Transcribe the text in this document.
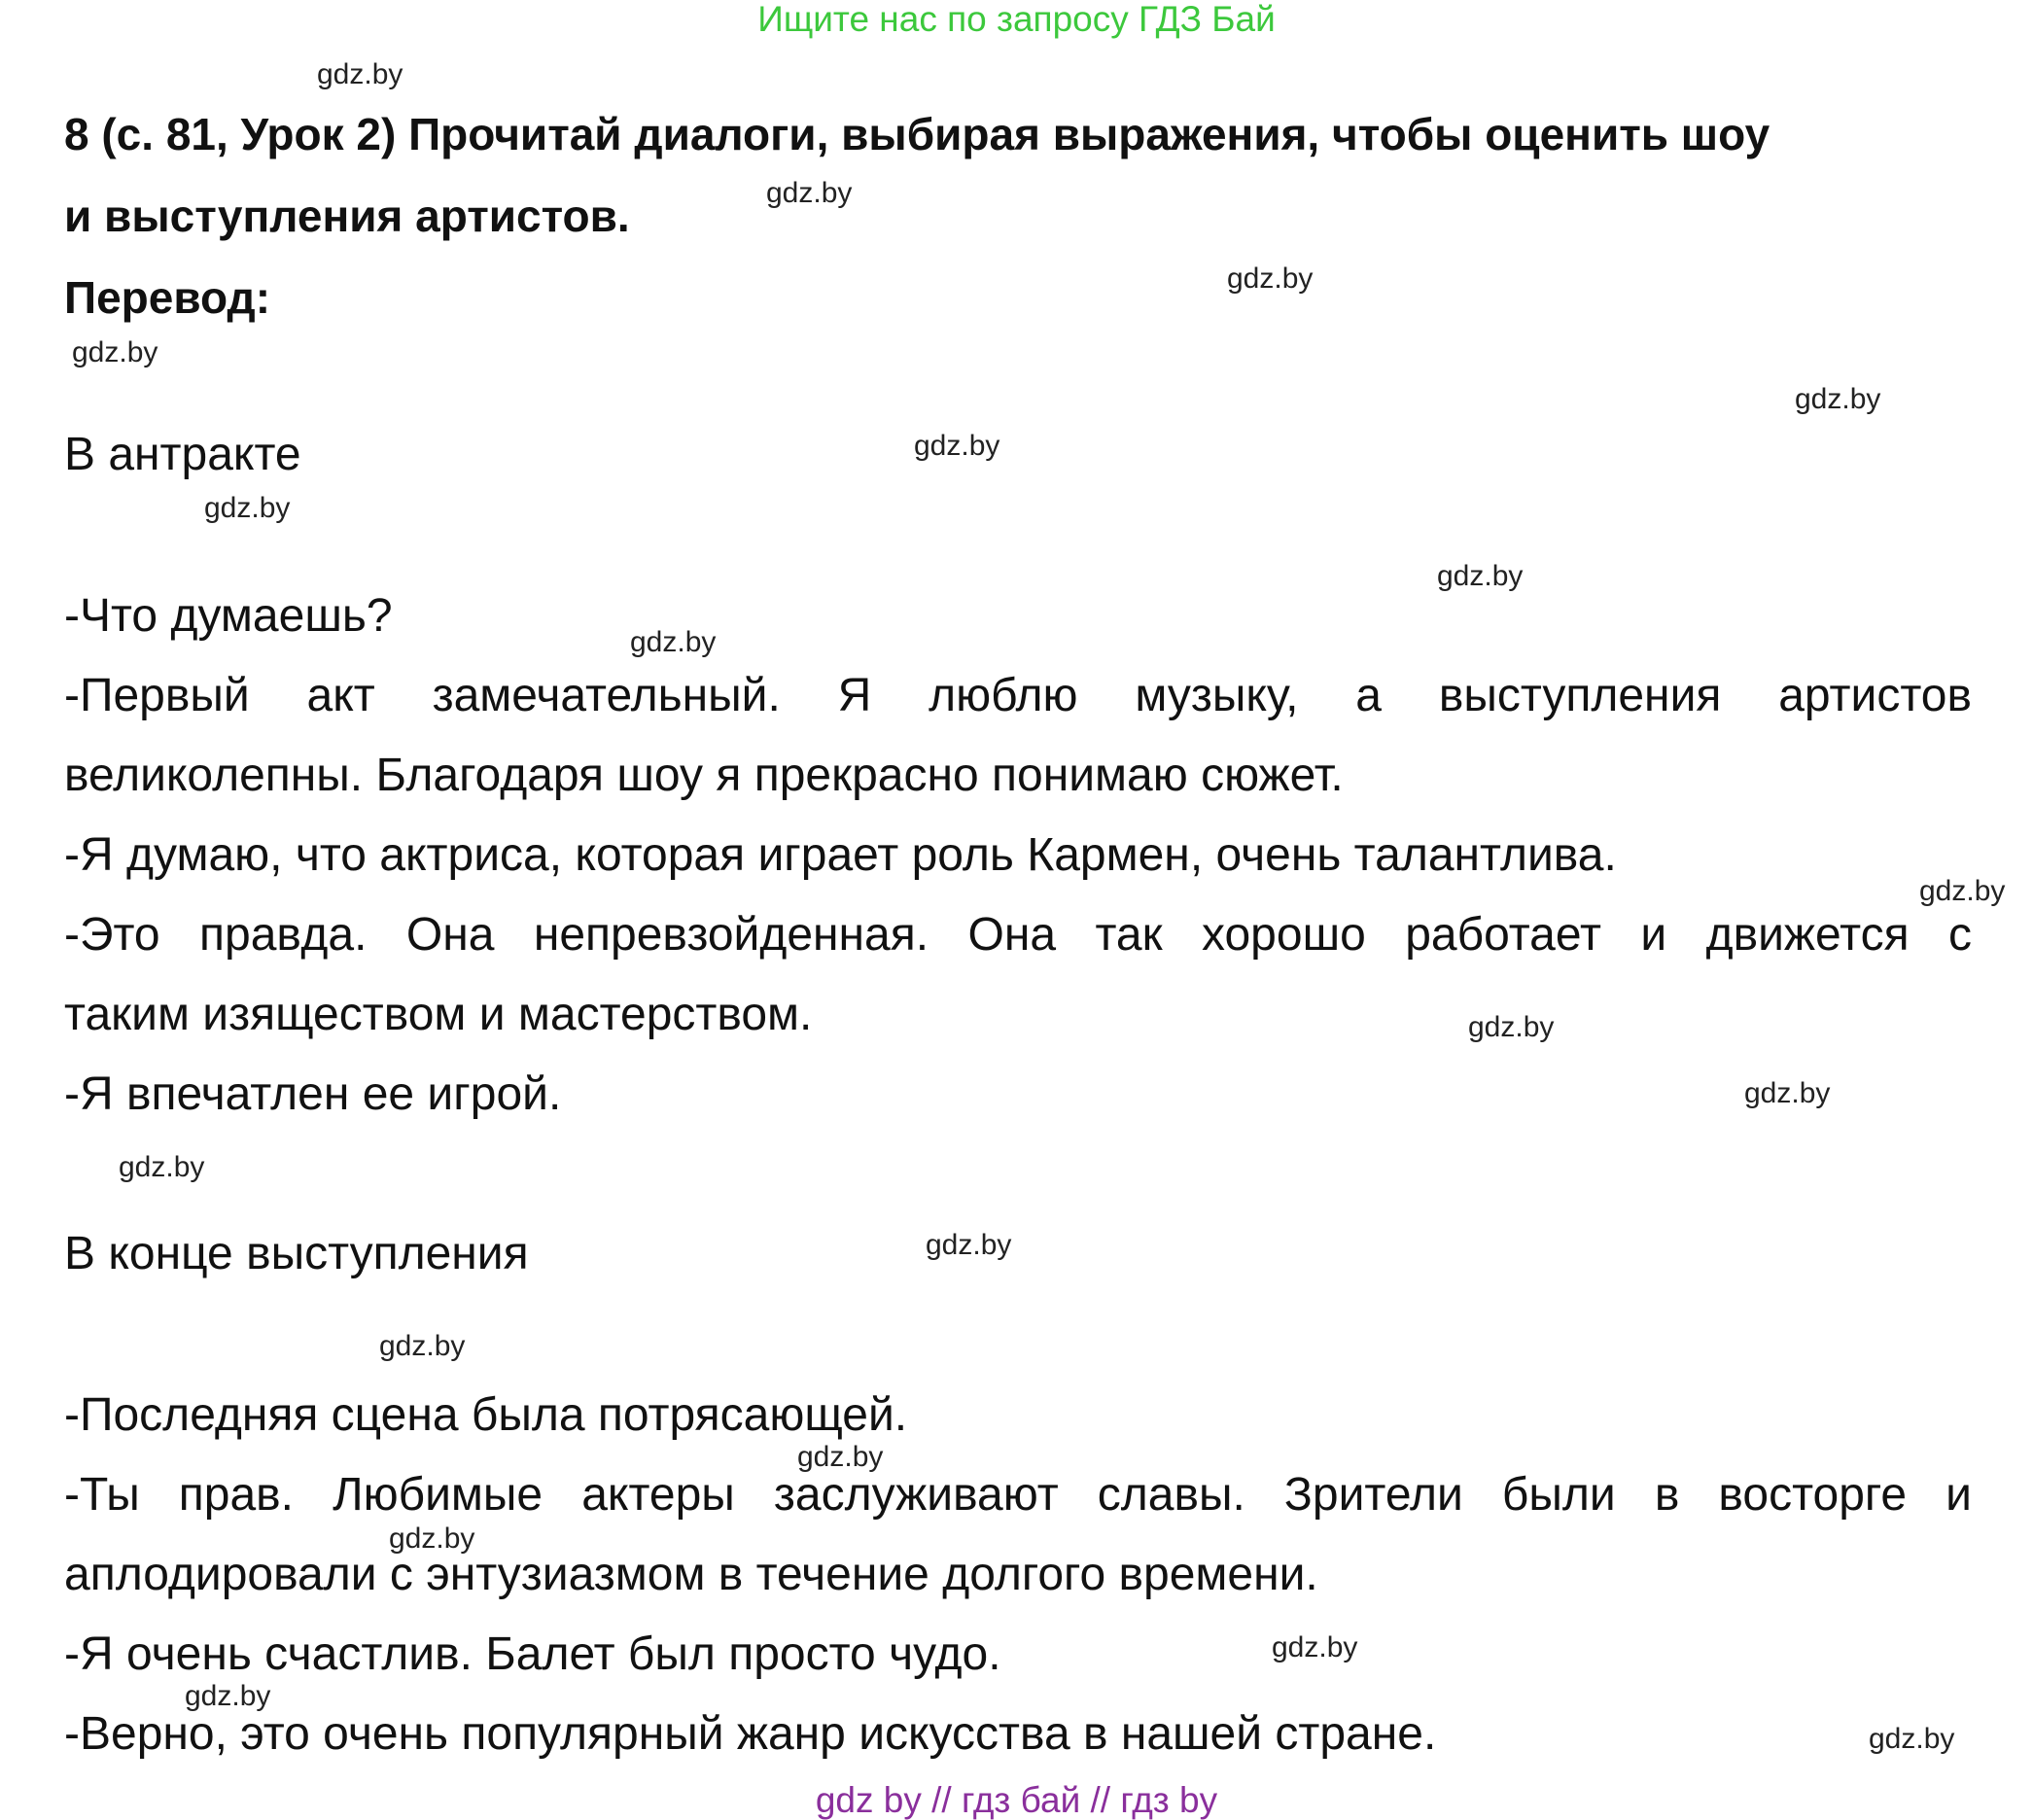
Ищите нас по запросу ГДЗ Бай
8 (с. 81, Урок 2) Прочитай диалоги, выбирая выражения, чтобы оценить шоу
и выступления артистов.
Перевод:
В антракте
-Что думаешь?
-Первый акт замечательный. Я люблю музыку, а выступления артистов
великолепны. Благодаря шоу я прекрасно понимаю сюжет.
-Я думаю, что актриса, которая играет роль Кармен, очень талантлива.
-Это правда. Она непревзойденная. Она так хорошо работает и движется с
таким изяществом и мастерством.
-Я впечатлен ее игрой.
В конце выступления
-Последняя сцена была потрясающей.
-Ты прав. Любимые актеры заслуживают славы. Зрители были в восторге и
аплодировали с энтузиазмом в течение долгого времени.
-Я очень счастлив. Балет был просто чудо.
-Верно, это очень популярный жанр искусства в нашей стране.
gdz.by
gdz.by
gdz.by
gdz.by
gdz.by
gdz.by
gdz.by
gdz.by
gdz.by
gdz.by
gdz.by
gdz.by
gdz.by
gdz.by
gdz.by
gdz.by
gdz.by
gdz.by
gdz.by
gdz.by
gdz by // гдз бай // гдз by
